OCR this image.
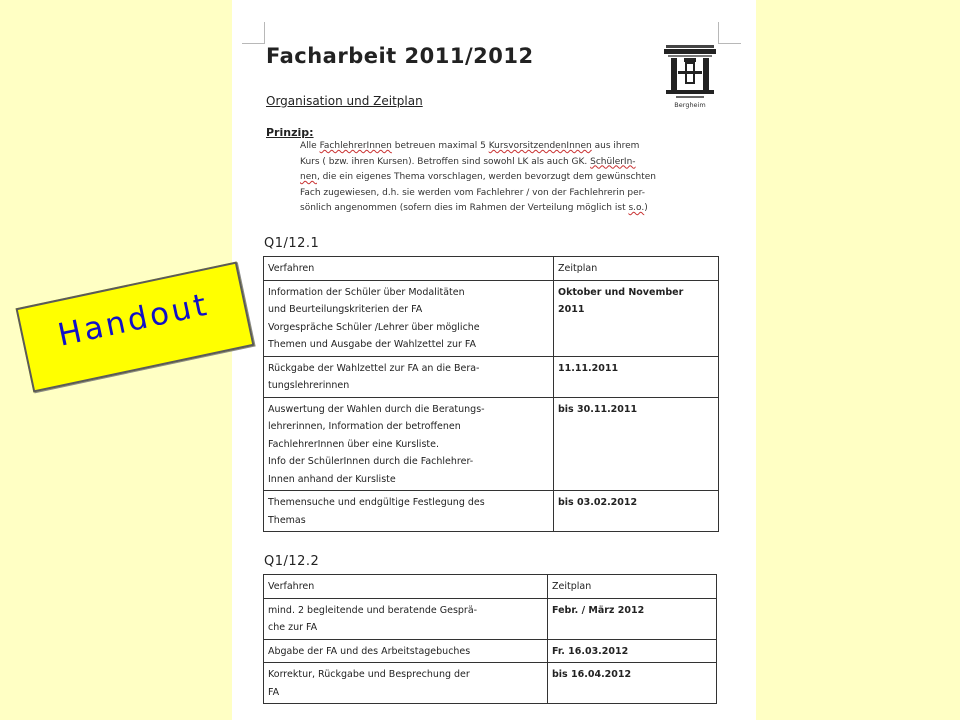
Facharbeit 2011/2012
Organisation und Zeitplan	Bergheim
Prinzip:

Alle FachlehrerInnen betreuen maximal 5 KursvorsitzendenInnen aus ihrem
Kurs ( bzw. ihren Kursen). Betroffen sind sowohl LK als auch GK. SchülerIn-
nen, die ein eigenes Thema vorschlagen, werden bevorzugt dem gewünschten
Fach zugewiesen, d.h. sie werden vom Fachlehrer / von der Fachlehrerin per-
sönlich angenommen (sofern dies im Rahmen der Verteilung möglich ist s.o.)

Q1/12.1
Verfahren	Zeitplan
Information der Schüler über Modalitäten
und Beurteilungskriterien der FA
Vorgespräche Schüler /Lehrer über mögliche
Themen und Ausgabe der Wahlzettel zur FA	Oktober und November
2011
Rückgabe der Wahlzettel zur FA an die Bera-
tungslehrerinnen	11.11.2011
Auswertung der Wahlen durch die Beratungs-
lehrerinnen, Information der betroffenen
FachlehrerInnen über eine Kursliste.
Info der SchülerInnen durch die Fachlehrer-
Innen anhand der Kursliste	bis 30.11.2011
Themensuche und endgültige Festlegung des
Themas	bis 03.02.2012
Q1/12.2
Verfahren	Zeitplan
mind. 2 begleitende und beratende Gesprä-
che zur FA	Febr. / März 2012
Abgabe der FA und des Arbeitstagebuches	Fr. 16.03.2012
Korrektur, Rückgabe und Besprechung der
FA	bis 16.04.2012
Handout
